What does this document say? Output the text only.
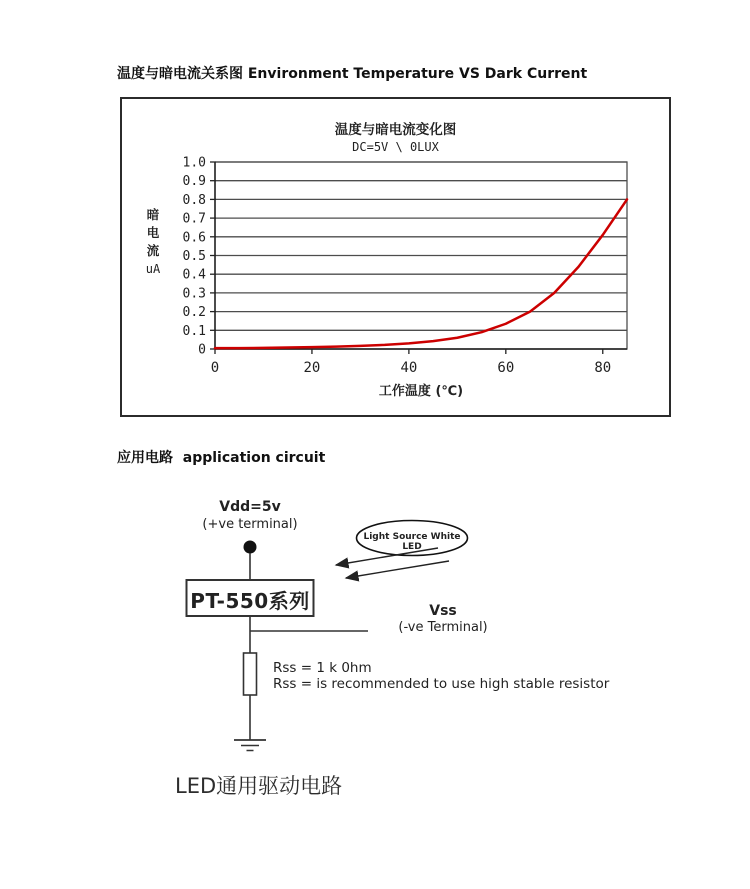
温度与暗电流关系图 Environment Temperature VS Dark Current
温度与暗电流变化图
DC=5V \ 0LUX
暗电流
uA
1.0
0.9
0.8
0.7
0.6
0.5
0.4
0.3
0.2
0.1
0
0	20	40	60	80
工作温度 (℃)
应用电路  application circuit
Vdd=5v
(+ve terminal)
PT-550系列
Light Source White LED
Vss
(-ve Terminal)
Rss = 1 k 0hm
Rss = is recommended to use high stable resistor
LED通用驱动电路
